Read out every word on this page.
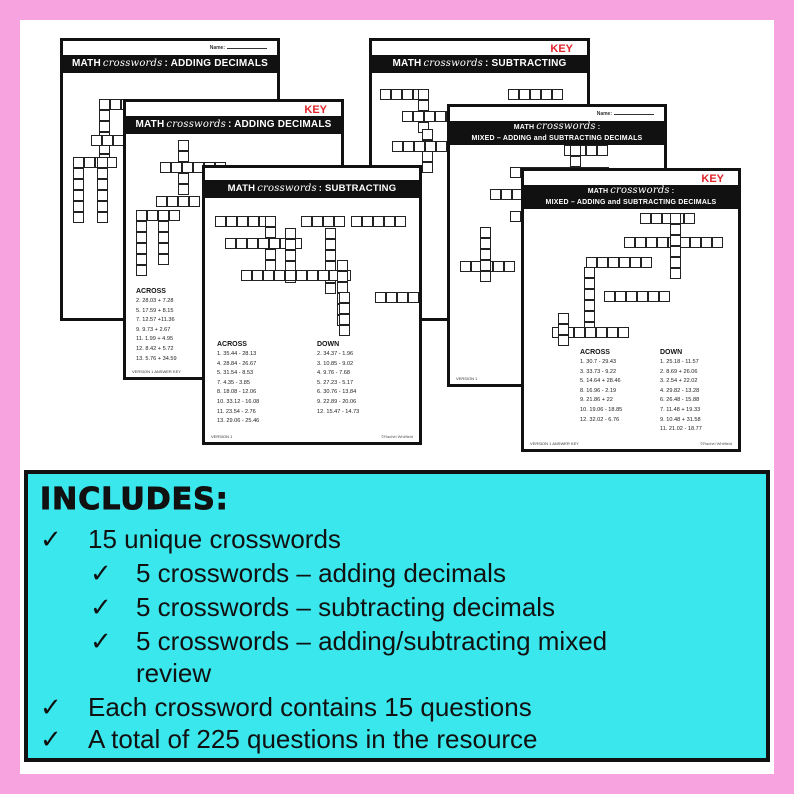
Name:
MATH crosswords : ADDING DECIMALS
KEY
MATH crosswords : ADDING DECIMALS
ACROSS
2. 28.03 + 7.28
5. 17.59 + 8.15
7. 12.57 +11.36
9. 9.73 + 2.67
11. 1.99 + 4.95
12. 8.42 + 5.72
13. 5.76 + 34.59
VERSION 1 ANSWER KEY
KEY
MATH crosswords : SUBTRACTING DECIMALS
Name:
MATH crosswords :
MIXED – ADDING and SUBTRACTING DECIMALS
VERSION 1
MATH crosswords : SUBTRACTING DECIMALS
ACROSS
1. 35.44 - 28.13
4. 28.84 - 26.67
5. 31.54 - 8.53
7. 4.35 - 3.85
8. 18.08 - 12.06
10. 33.12 - 16.08
11. 23.54 - 2.76
13. 29.06 - 25.46
DOWN
2. 34.37 - 1.96
3. 10.85 - 9.02
4. 9.76 - 7.68
5. 27.23 - 5.17
6. 30.76 - 13.84
9. 22.89 - 20.06
12. 15.47 - 14.73
VERSION 1	©Rachel Whitfield
KEY
MATH crosswords :
MIXED – ADDING and SUBTRACTING DECIMALS
ACROSS
1. 30.7 - 29.43
3. 33.73 - 9.22
5. 14.64 + 28.46
8. 16.96 - 2.19
9. 21.86 + 22
10. 19.06 - 18.85
12. 32.02 - 6.76
DOWN
1. 25.18 - 11.57
2. 8.69 + 26.06
3. 2.54 + 22.02
4. 29.82 - 13.28
6. 26.48 - 15.88
7. 11.48 + 19.33
9. 10.48 + 31.58
11. 21.02 - 18.77
VERSION 1 ANSWER KEY	©Rachel Whitfield
INCLUDES:
✓ 15 unique crosswords
✓ 5 crosswords – adding decimals
✓ 5 crosswords – subtracting decimals
✓ 5 crosswords – adding/subtracting mixed
review
✓ Each crossword contains 15 questions
✓ A total of 225 questions in the resource
